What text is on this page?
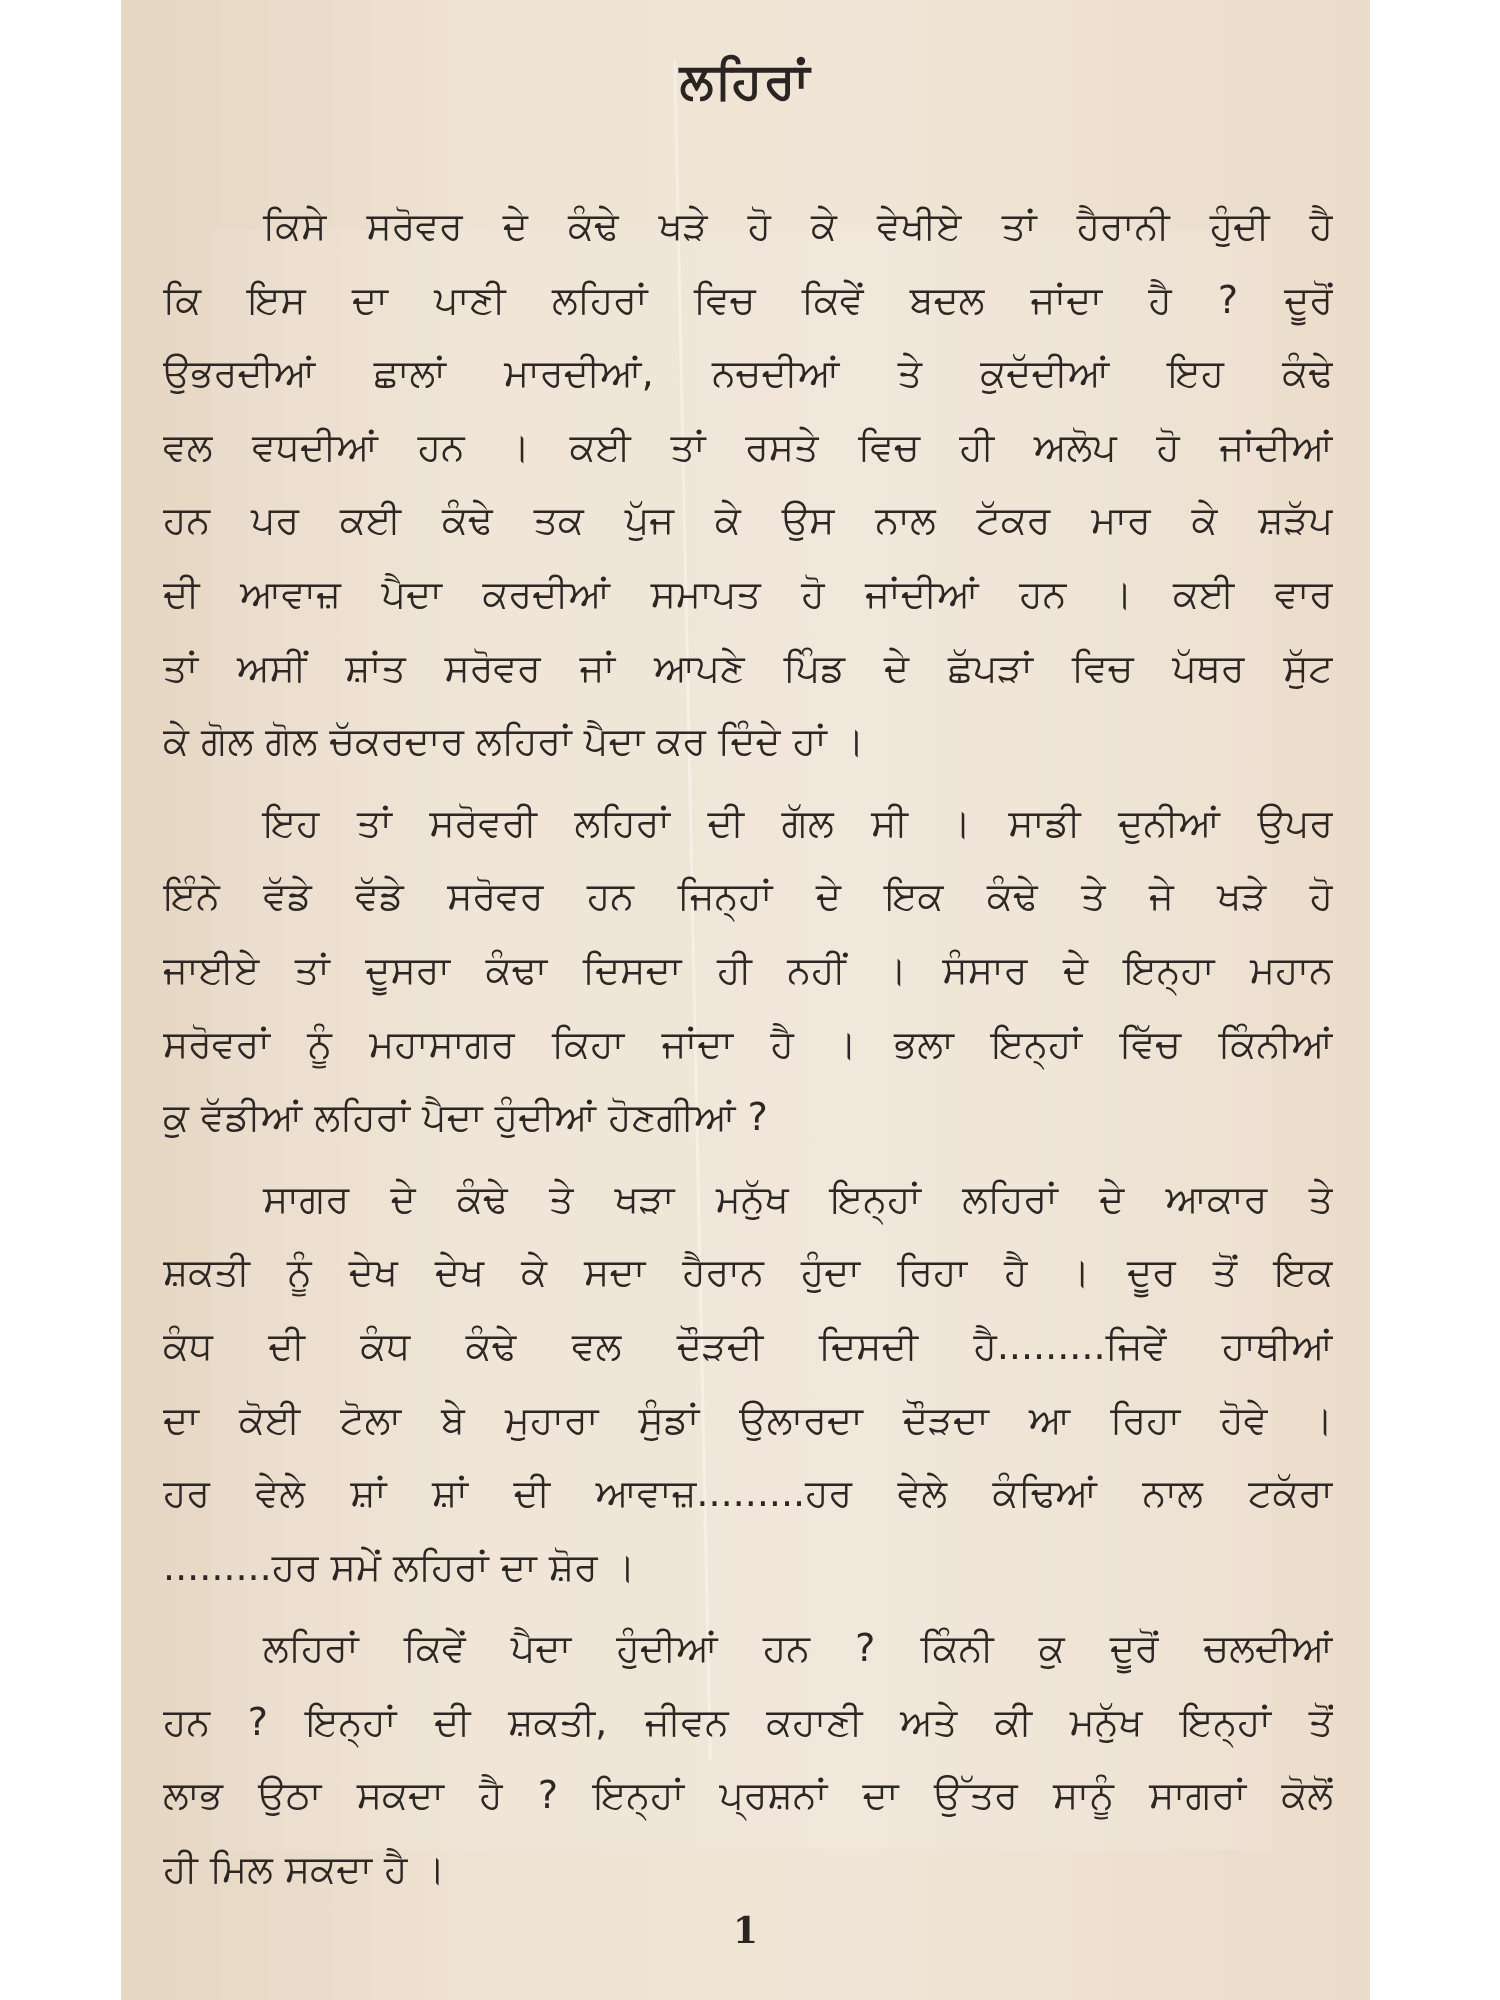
ਲਹਿਰਾਂ
ਕਿਸੇ ਸਰੋਵਰ ਦੇ ਕੰਢੇ ਖੜੇ ਹੋ ਕੇ ਵੇਖੀਏ ਤਾਂ ਹੈਰਾਨੀ ਹੁੰਦੀ ਹੈ
ਕਿ ਇਸ ਦਾ ਪਾਣੀ ਲਹਿਰਾਂ ਵਿਚ ਕਿਵੇਂ ਬਦਲ ਜਾਂਦਾ ਹੈ ? ਦੂਰੋਂ
ਉਭਰਦੀਆਂ ਛਾਲਾਂ ਮਾਰਦੀਆਂ, ਨਚਦੀਆਂ ਤੇ ਕੁਦੱਦੀਆਂ ਇਹ ਕੰਢੇ
ਵਲ ਵਧਦੀਆਂ ਹਨ । ਕਈ ਤਾਂ ਰਸਤੇ ਵਿਚ ਹੀ ਅਲੋਪ ਹੋ ਜਾਂਦੀਆਂ
ਹਨ ਪਰ ਕਈ ਕੰਢੇ ਤਕ ਪੁੱਜ ਕੇ ਉਸ ਨਾਲ ਟੱਕਰ ਮਾਰ ਕੇ ਸ਼ੜੱਪ
ਦੀ ਆਵਾਜ਼ ਪੈਦਾ ਕਰਦੀਆਂ ਸਮਾਪਤ ਹੋ ਜਾਂਦੀਆਂ ਹਨ । ਕਈ ਵਾਰ
ਤਾਂ ਅਸੀਂ ਸ਼ਾਂਤ ਸਰੋਵਰ ਜਾਂ ਆਪਣੇ ਪਿੰਡ ਦੇ ਛੱਪੜਾਂ ਵਿਚ ਪੱਥਰ ਸੁੱਟ
ਕੇ ਗੋਲ ਗੋਲ ਚੱਕਰਦਾਰ ਲਹਿਰਾਂ ਪੈਦਾ ਕਰ ਦਿੰਦੇ ਹਾਂ ।
ਇਹ ਤਾਂ ਸਰੋਵਰੀ ਲਹਿਰਾਂ ਦੀ ਗੱਲ ਸੀ । ਸਾਡੀ ਦੁਨੀਆਂ ਉਪਰ
ਇੰਨੇ ਵੱਡੇ ਵੱਡੇ ਸਰੋਵਰ ਹਨ ਜਿਨ੍ਹਾਂ ਦੇ ਇਕ ਕੰਢੇ ਤੇ ਜੇ ਖੜੇ ਹੋ
ਜਾਈਏ ਤਾਂ ਦੂਸਰਾ ਕੰਢਾ ਦਿਸਦਾ ਹੀ ਨਹੀਂ । ਸੰਸਾਰ ਦੇ ਇਨ੍ਹਾ ਮਹਾਨ
ਸਰੋਵਰਾਂ ਨੂੰ ਮਹਾਸਾਗਰ ਕਿਹਾ ਜਾਂਦਾ ਹੈ । ਭਲਾ ਇਨ੍ਹਾਂ ਵਿੱਚ ਕਿੰਨੀਆਂ
ਕੁ ਵੱਡੀਆਂ ਲਹਿਰਾਂ ਪੈਦਾ ਹੁੰਦੀਆਂ ਹੋਣਗੀਆਂ ?
ਸਾਗਰ ਦੇ ਕੰਢੇ ਤੇ ਖੜਾ ਮਨੁੱਖ ਇਨ੍ਹਾਂ ਲਹਿਰਾਂ ਦੇ ਆਕਾਰ ਤੇ
ਸ਼ਕਤੀ ਨੂੰ ਦੇਖ ਦੇਖ ਕੇ ਸਦਾ ਹੈਰਾਨ ਹੁੰਦਾ ਰਿਹਾ ਹੈ । ਦੂਰ ਤੋਂ ਇਕ
ਕੰਧ ਦੀ ਕੰਧ ਕੰਢੇ ਵਲ ਦੌੜਦੀ ਦਿਸਦੀ ਹੈ.........ਜਿਵੇਂ ਹਾਥੀਆਂ
ਦਾ ਕੋਈ ਟੋਲਾ ਬੇ ਮੁਹਾਰਾ ਸੁੰਡਾਂ ਉਲਾਰਦਾ ਦੌੜਦਾ ਆ ਰਿਹਾ ਹੋਵੇ ।
ਹਰ ਵੇਲੇ ਸ਼ਾਂ ਸ਼ਾਂ ਦੀ ਆਵਾਜ਼.........ਹਰ ਵੇਲੇ ਕੰਢਿਆਂ ਨਾਲ ਟਕੱਰਾ
.........ਹਰ ਸਮੇਂ ਲਹਿਰਾਂ ਦਾ ਸ਼ੋਰ ।
ਲਹਿਰਾਂ ਕਿਵੇਂ ਪੈਦਾ ਹੁੰਦੀਆਂ ਹਨ ? ਕਿੰਨੀ ਕੁ ਦੂਰੋਂ ਚਲਦੀਆਂ
ਹਨ ? ਇਨ੍ਹਾਂ ਦੀ ਸ਼ਕਤੀ, ਜੀਵਨ ਕਹਾਣੀ ਅਤੇ ਕੀ ਮਨੁੱਖ ਇਨ੍ਹਾਂ ਤੋਂ
ਲਾਭ ਉਠਾ ਸਕਦਾ ਹੈ ? ਇਨ੍ਹਾਂ ਪ੍ਰਸ਼ਨਾਂ ਦਾ ਉੱਤਰ ਸਾਨੂੰ ਸਾਗਰਾਂ ਕੋਲੋਂ
ਹੀ ਮਿਲ ਸਕਦਾ ਹੈ ।
1
